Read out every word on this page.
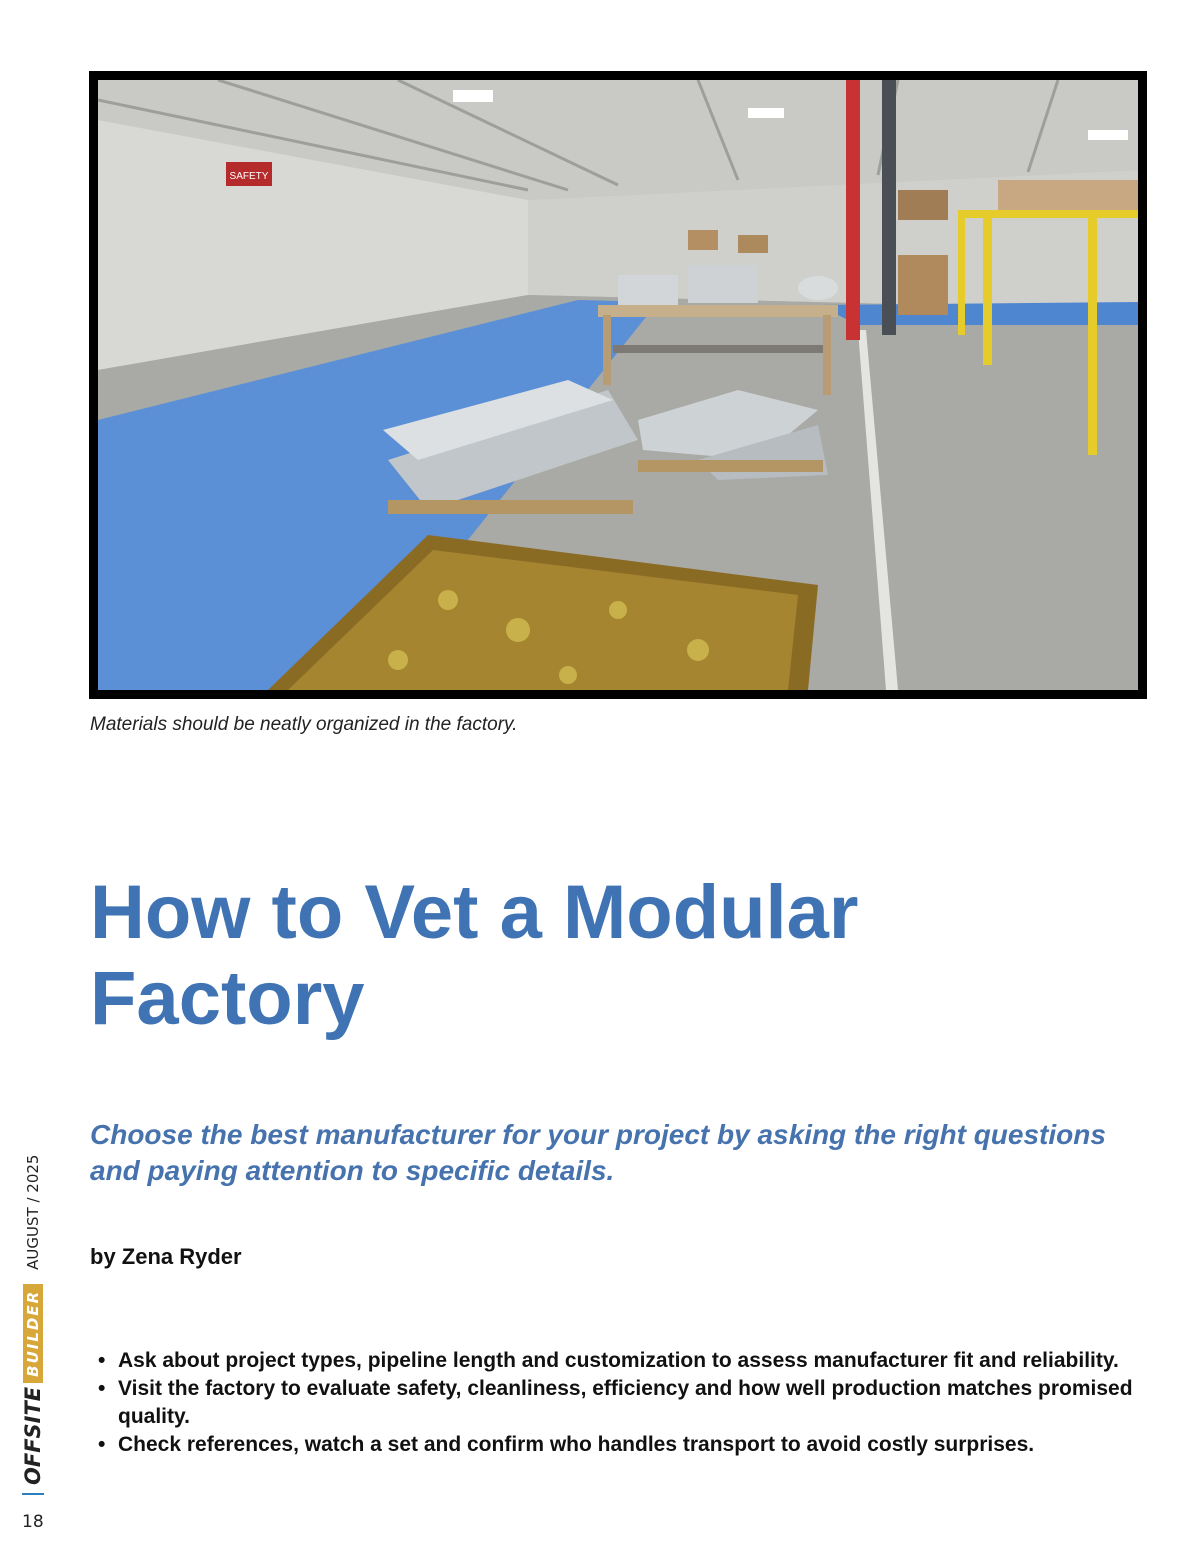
SAFETY
Materials should be neatly organized in the factory.
How to Vet a Modular Factory

Choose the best manufacturer for your project by asking the right questions and paying attention to specific details.

by Zena Ryder
• Ask about project types, pipeline length and customization to assess manufacturer fit and reliability.
• Visit the factory to evaluate safety, cleanliness, efficiency and how well production matches promised quality.
• Check references, watch a set and confirm who handles transport to avoid costly surprises.
OFFSITE
BUILDER
AUGUST / 2025
18
